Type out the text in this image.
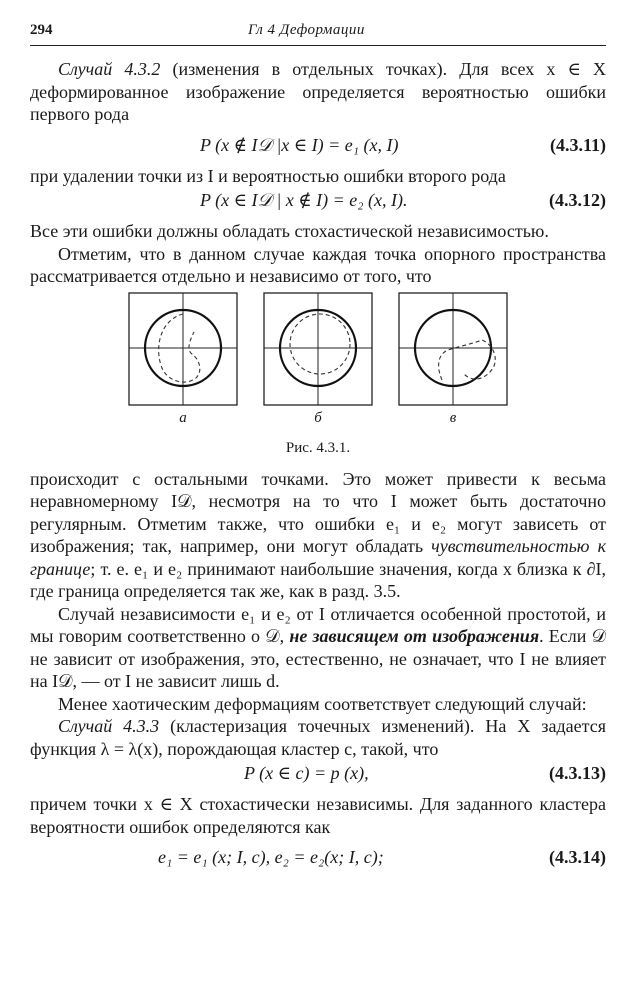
294	Гл 4 Деформации

Случай 4.3.2 (изменения в отдельных точках). Для всех x ∈ X деформированное изображение определяется вероятностью ошибки первого рода

P (x ∉ I𝒟 |x ∈ I) = e₁ (x, I)	(4.3.11)

при удалении точки из I и вероятностью ошибки второго рода

P (x ∈ I𝒟 | x ∉ I) = e₂ (x, I).	(4.3.12)

Все эти ошибки должны обладать стохастической независимостью.

Отметим, что в данном случае каждая точка опорного пространства рассматривается отдельно и независимо от того, что

а	б	в
Рис. 4.3.1.

происходит с остальными точками. Это может привести к весьма неравномерному I𝒟, несмотря на то что I может быть достаточно регулярным. Отметим также, что ошибки e₁ и e₂ могут зависеть от изображения; так, например, они могут обладать чувствительностью к границе; т. е. e₁ и e₂ принимают наибольшие значения, когда x близка к ∂I, где граница определяется так же, как в разд. 3.5.

Случай независимости e₁ и e₂ от I отличается особенной простотой, и мы говорим соответственно о 𝒟, не зависящем от изображения. Если 𝒟 не зависит от изображения, это, естественно, не означает, что I не влияет на I𝒟, — от I не зависит лишь d.

Менее хаотическим деформациям соответствует следующий случай:

Случай 4.3.3 (кластеризация точечных изменений). На X задается функция λ = λ(x), порождающая кластер c, такой, что

P (x ∈ c) = p (x),	(4.3.13)

причем точки x ∈ X стохастически независимы. Для заданного кластера вероятности ошибок определяются как

e₁ = e₁ (x; I, c), e₂ = e₂(x; I, c);	(4.3.14)
